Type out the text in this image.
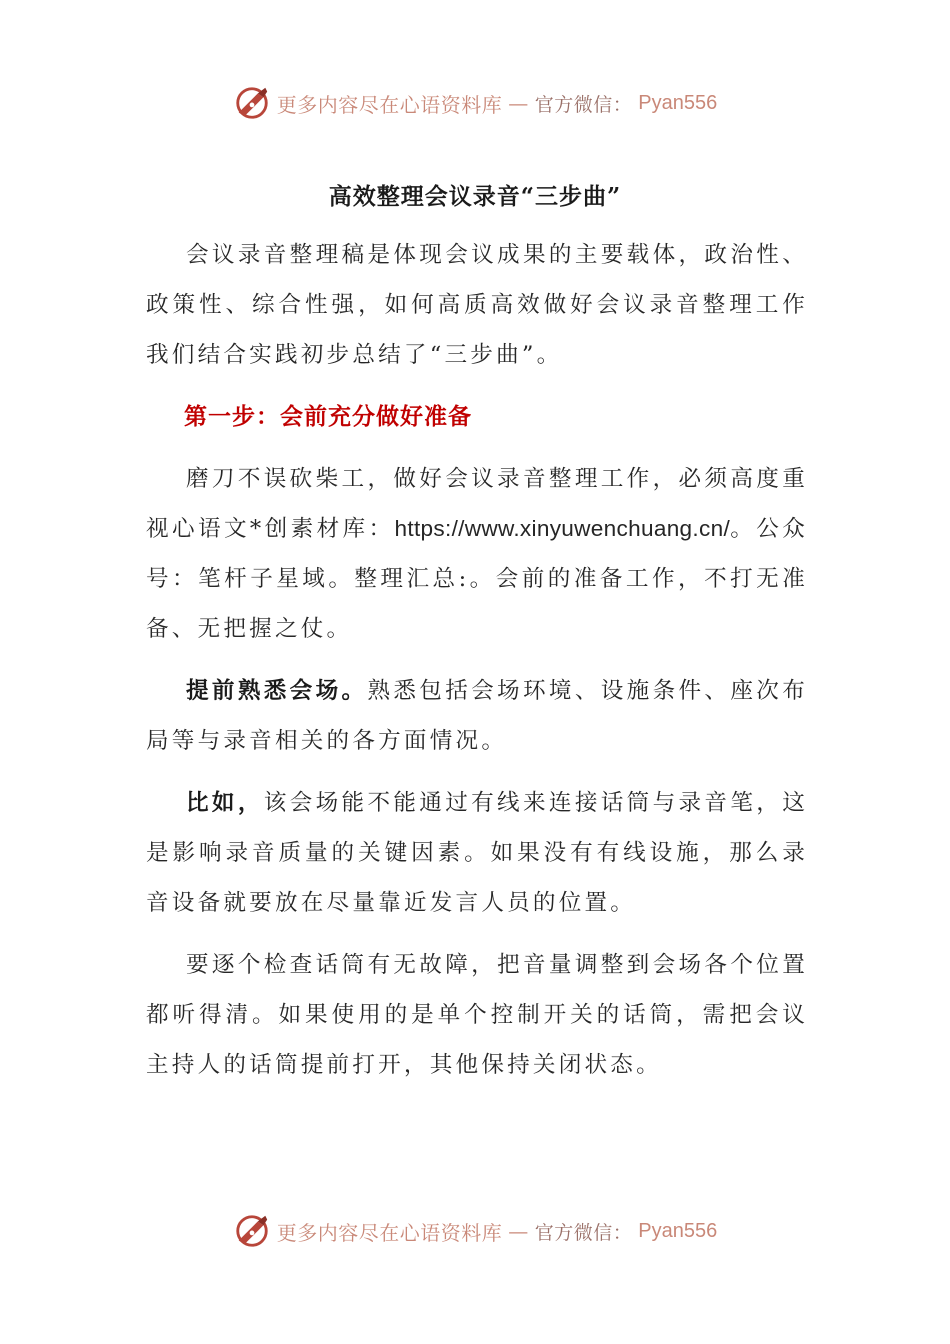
更多内容尽在心语资料库 — 官方微信： Pyan556
高效整理会议录音“三步曲”

会议录音整理稿是体现会议成果的主要载体，政治性、政策性、综合性强，如何高质高效做好会议录音整理工作我们结合实践初步总结了“三步曲”。

第一步：会前充分做好准备

磨刀不误砍柴工，做好会议录音整理工作，必须高度重视心语文*创素材库：https://www.xinyuwenchuang.cn/。公众号：笔杆子星域。整理汇总:。会前的准备工作，不打无准备、无把握之仗。

提前熟悉会场。熟悉包括会场环境、设施条件、座次布局等与录音相关的各方面情况。

比如，该会场能不能通过有线来连接话筒与录音笔，这是影响录音质量的关键因素。如果没有有线设施，那么录音设备就要放在尽量靠近发言人员的位置。

要逐个检查话筒有无故障，把音量调整到会场各个位置都听得清。如果使用的是单个控制开关的话筒，需把会议主持人的话筒提前打开，其他保持关闭状态。

更多内容尽在心语资料库 — 官方微信： Pyan556
